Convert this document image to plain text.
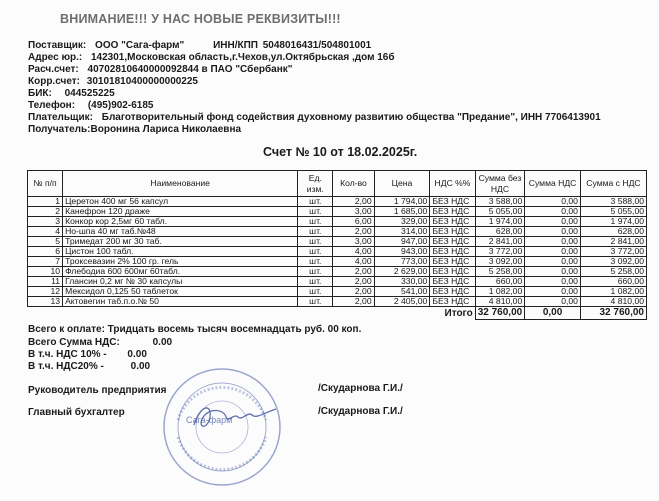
ВНИМАНИЕ!!! У НАС НОВЫЕ РЕКВИЗИТЫ!!!
Поставщик: ООО "Сага-фарм"	ИНН/КПП 5048016431/504801001
Адрес юр.: 142301,Московская область,г.Чехов,ул.Октябрьская ,дом 16б
Расч.счет: 40702810640000092844 в ПАО "Сбербанк"
Корр.счет: 30101810400000000225
БИК: 044525225
Телефон: (495)902-6185
Плательщик: Благотворительный фонд содействия духовному развитию общества "Предание", ИНН 7706413901
Получатель:Воронина Лариса Николаевна
Счет № 10 от 18.02.2025г.
№ п/п	Наименование	Ед. изм.	Кол-во	Цена	НДС %%	Сумма без НДС	Сумма НДС	Сумма с НДС
1	Церетон 400 мг 56 капсул	шт.	2,00	1 794,00	БЕЗ НДС	3 588,00	0,00	3 588,00
2	Канефрон 120 драже	шт.	3,00	1 685,00	БЕЗ НДС	5 055,00	0,00	5 055,00
3	Конкор кор 2,5мг 60 табл.	шт.	6,00	329,00	БЕЗ НДС	1 974,00	0,00	1 974,00
4	Но-шпа 40 мг таб.№48	шт.	2,00	314,00	БЕЗ НДС	628,00	0,00	628,00
5	Тримедат 200 мг 30 таб.	шт.	3,00	947,00	БЕЗ НДС	2 841,00	0,00	2 841,00
6	Цистон 100 табл.	шт.	4,00	943,00	БЕЗ НДС	3 772,00	0,00	3 772,00
7	Троксевазин 2% 100 гр. гель	шт.	4,00	773,00	БЕЗ НДС	3 092,00	0,00	3 092,00
10	Флебодиа 600 600мг 60табл.	шт.	2,00	2 629,00	БЕЗ НДС	5 258,00	0,00	5 258,00
11	Глансин 0,2 мг № 30 капсулы	шт.	2,00	330,00	БЕЗ НДС	660,00	0,00	660,00
12	Мексидол 0,125 50 таблеток	шт.	2,00	541,00	БЕЗ НДС	1 082,00	0,00	1 082,00
13	Актовегин таб.п.о.№ 50	шт.	2,00	2 405,00	БЕЗ НДС	4 810,00	0,00	4 810,00
					Итого	32 760,00	0,00	32 760,00
Всего к оплате: Тридцать восемь тысяч восемнадцать руб. 00 коп.
Всего Сумма НДС:	0.00
В т.ч. НДС 10% - 0.00
В т.ч. НДС20% -	0.00
Руководитель предприятия	/Скударнова Г.И./
Главный бухгалтер	/Скударнова Г.И./
Сага-фарм
